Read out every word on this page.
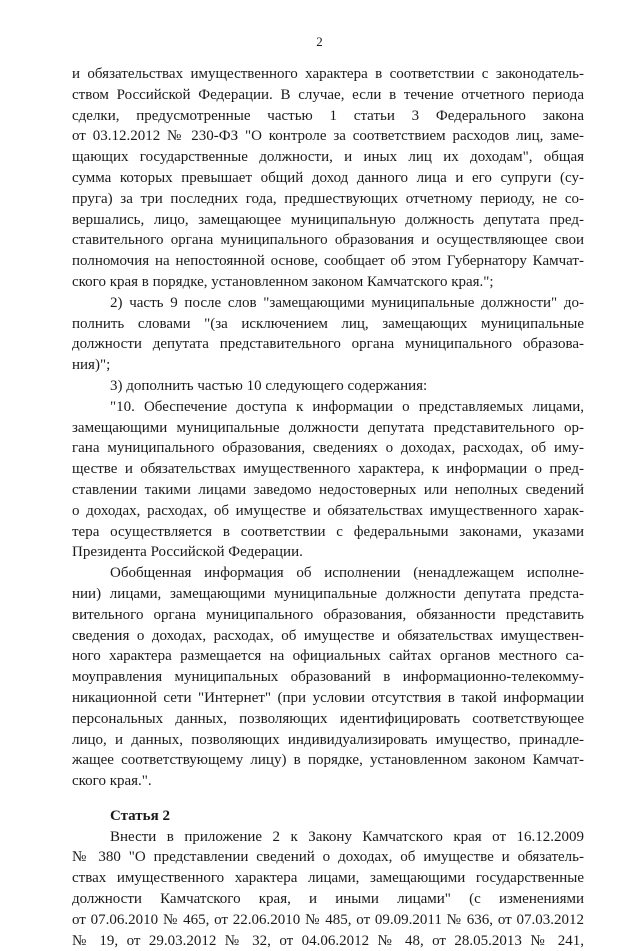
2
и обязательствах имущественного характера в соответствии с законодатель-
ством Российской Федерации. В случае, если в течение отчетного периода
сделки, предусмотренные частью 1 статьи 3 Федерального закона
от 03.12.2012 № 230-ФЗ "О контроле за соответствием расходов лиц, заме-
щающих государственные должности, и иных лиц их доходам", общая
сумма которых превышает общий доход данного лица и его супруги (су-
пруга) за три последних года, предшествующих отчетному периоду, не со-
вершались, лицо, замещающее муниципальную должность депутата пред-
ставительного органа муниципального образования и осуществляющее свои
полномочия на непостоянной основе, сообщает об этом Губернатору Камчат-
ского края в порядке, установленном законом Камчатского края.";
2) часть 9 после слов "замещающими муниципальные должности" до-
полнить словами "(за исключением лиц, замещающих муниципальные
должности депутата представительного органа муниципального образова-
ния)";
3) дополнить частью 10 следующего содержания:
"10. Обеспечение доступа к информации о представляемых лицами,
замещающими муниципальные должности депутата представительного ор-
гана муниципального образования, сведениях о доходах, расходах, об иму-
ществе и обязательствах имущественного характера, к информации о пред-
ставлении такими лицами заведомо недостоверных или неполных сведений
о доходах, расходах, об имуществе и обязательствах имущественного харак-
тера осуществляется в соответствии с федеральными законами, указами
Президента Российской Федерации.
Обобщенная информация об исполнении (ненадлежащем исполне-
нии) лицами, замещающими муниципальные должности депутата предста-
вительного органа муниципального образования, обязанности представить
сведения о доходах, расходах, об имуществе и обязательствах имуществен-
ного характера размещается на официальных сайтах органов местного са-
моуправления муниципальных образований в информационно-телекомму-
никационной сети "Интернет" (при условии отсутствия в такой информации
персональных данных, позволяющих идентифицировать соответствующее
лицо, и данных, позволяющих индивидуализировать имущество, принадле-
жащее соответствующему лицу) в порядке, установленном законом Камчат-
ского края.".
Статья 2
Внести в приложение 2 к Закону Камчатского края от 16.12.2009
№ 380 "О представлении сведений о доходах, об имуществе и обязатель-
ствах имущественного характера лицами, замещающими государственные
должности Камчатского края, и иными лицами" (с изменениями
от 07.06.2010 № 465, от 22.06.2010 № 485, от 09.09.2011 № 636, от 07.03.2012
№ 19, от 29.03.2012 № 32, от 04.06.2012 № 48, от 28.05.2013 № 241,
